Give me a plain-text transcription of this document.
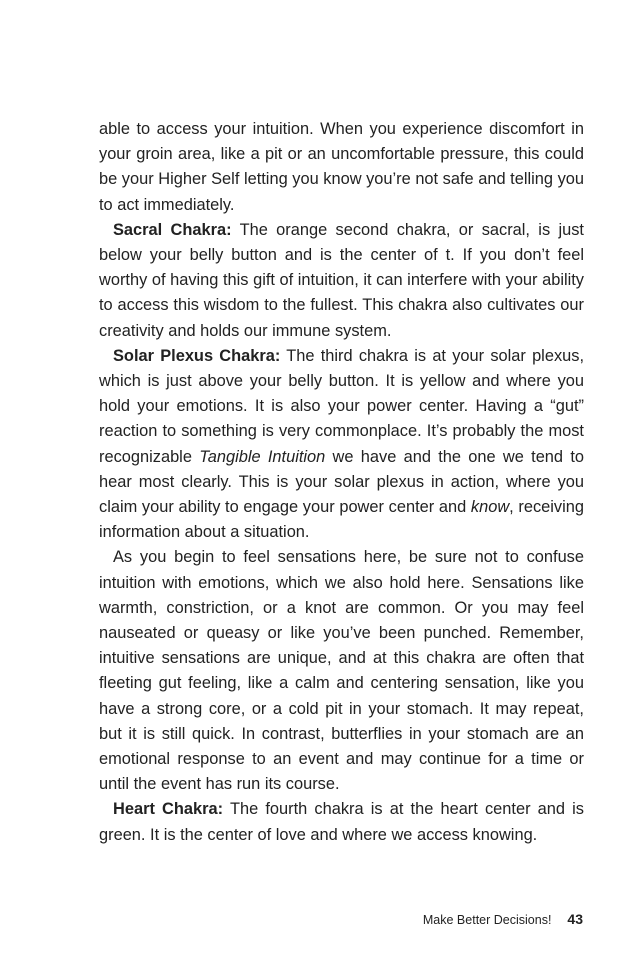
able to access your intuition. When you experience discomfort in your groin area, like a pit or an uncomfortable pressure, this could be your Higher Self letting you know you’re not safe and telling you to act immediately.

Sacral Chakra: The orange second chakra, or sacral, is just below your belly button and is the center of t. If you don’t feel worthy of having this gift of intuition, it can interfere with your ability to access this wisdom to the fullest. This chakra also cultivates our creativity and holds our immune system.

Solar Plexus Chakra: The third chakra is at your solar plexus, which is just above your belly button. It is yellow and where you hold your emotions. It is also your power center. Having a “gut” reaction to something is very commonplace. It’s probably the most recognizable Tangible Intuition we have and the one we tend to hear most clearly. This is your solar plexus in action, where you claim your ability to engage your power center and know, receiving information about a situation.

As you begin to feel sensations here, be sure not to confuse intuition with emotions, which we also hold here. Sensations like warmth, constriction, or a knot are common. Or you may feel nauseated or queasy or like you’ve been punched. Remember, intuitive sensations are unique, and at this chakra are often that fleeting gut feeling, like a calm and centering sensation, like you have a strong core, or a cold pit in your stomach. It may repeat, but it is still quick. In contrast, butterflies in your stomach are an emotional response to an event and may continue for a time or until the event has run its course.

Heart Chakra: The fourth chakra is at the heart center and is green. It is the center of love and where we access knowing.

Make Better Decisions! 43
